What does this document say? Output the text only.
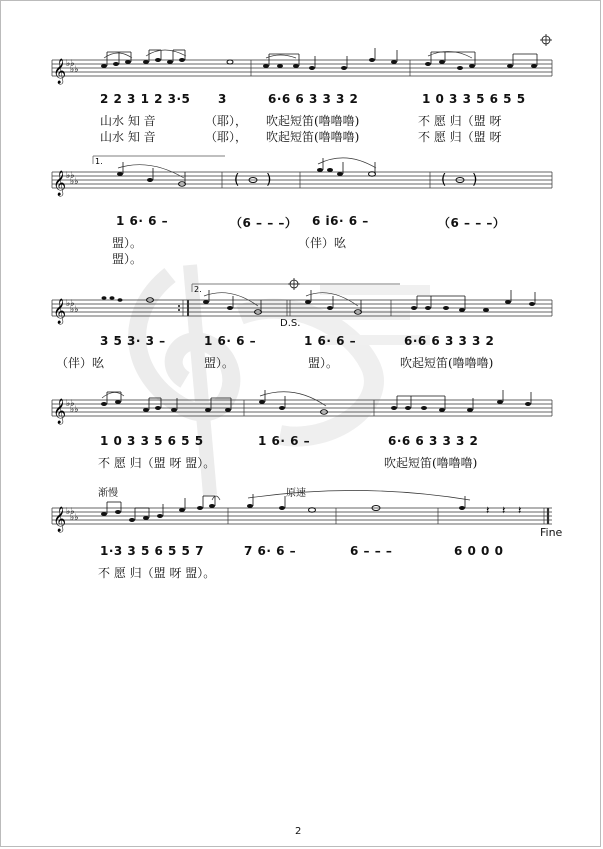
𝄞 ♭♭
♭♭
2 2 3 1 2 3·5 3	6·6 6 3 3 3 2	1 0 3 3 5 6 5 5
山水 知 音	（耶）， 吹起短笛(噜噜噜)	不 愿 归（盟 呀
山水 知 音	（耶）， 吹起短笛(噜噜噜)	不 愿 归（盟 呀
1.
𝄞 ♭♭
♭♭	( )	( )
1 6· 6 –	（6 – – –） 6 i6· 6 –	（6 – – –）
盟）。	（伴）吆
盟）。
2.
𝄞 ♭♭
♭♭
D.S.
3 5 3· 3 –	1 6· 6 –	1 6· 6 –	6·6 6 3 3 3 2
（伴）吆	盟）。	盟）。	吹起短笛(噜噜噜)
𝄞 ♭♭
♭♭
1 0 3 3 5 6 5 5	1 6· 6 –	6·6 6 3 3 3 2
不 愿 归（盟 呀 盟）。	吹起短笛(噜噜噜)
渐慢	原速
𝄞 ♭♭
♭♭
𝄽 𝄽 𝄽
Fine
1·3 3 5 6 5 5 7	7 6· 6 –	6 – – –	6 0 0 0
不 愿 归（盟 呀 盟）。
2
